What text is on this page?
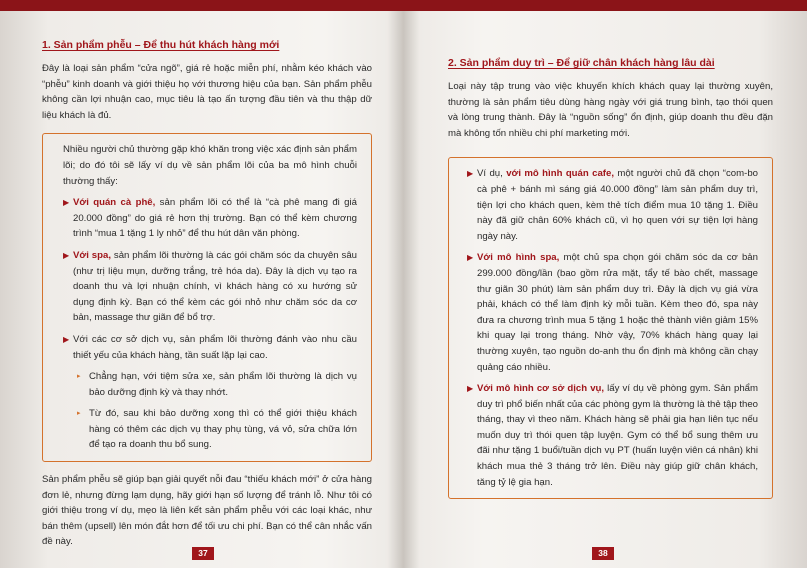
1. Sản phẩm phễu – Để thu hút khách hàng mới

Đây là loại sản phẩm “cửa ngõ”, giá rẻ hoặc miễn phí, nhằm kéo khách vào “phễu” kinh doanh và giới thiệu họ với thương hiệu của bạn. Sản phẩm phễu không cần lợi nhuận cao, mục tiêu là tạo ấn tượng đầu tiên và thu thập dữ liệu khách là đủ.

Nhiều người chủ thường gặp khó khăn trong việc xác định sản phẩm lõi; do đó tôi sẽ lấy ví dụ về sản phẩm lõi của ba mô hình chuỗi thường thấy:

▶ Với quán cà phê, sản phẩm lõi có thể là “cà phê mang đi giá 20.000 đồng” do giá rẻ hơn thị trường. Bạn có thể kèm chương trình “mua 1 tặng 1 ly nhỏ” để thu hút dân văn phòng.

▶ Với spa, sản phẩm lõi thường là các gói chăm sóc da chuyên sâu (như trị liệu mụn, dưỡng trắng, trẻ hóa da). Đây là dịch vụ tạo ra doanh thu và lợi nhuận chính, vì khách hàng có xu hướng sử dụng định kỳ. Bạn có thể kèm các gói nhỏ như chăm sóc da cơ bản, massage thư giãn để bổ trợ.

▶ Với các cơ sở dịch vụ, sản phẩm lõi thường đánh vào nhu cầu thiết yếu của khách hàng, tần suất lặp lại cao.

▸ Chẳng hạn, với tiệm sửa xe, sản phẩm lõi thường là dịch vụ bảo dưỡng định kỳ và thay nhớt.

▸ Từ đó, sau khi bảo dưỡng xong thì có thể giới thiệu khách hàng có thêm các dịch vụ thay phụ tùng, vá vỏ, sửa chữa lớn để tạo ra doanh thu bổ sung.

Sản phẩm phễu sẽ giúp bạn giải quyết nỗi đau “thiếu khách mới” ở cửa hàng đơn lẻ, nhưng đừng lạm dụng, hãy giới hạn số lượng để tránh lỗ. Như tôi có giới thiệu trong ví dụ, mẹo là liên kết sản phẩm phễu với các loại khác, như bán thêm (upsell) lên món đắt hơn để tối ưu chi phí. Bạn có thể cân nhắc vấn đề này.

37
2. Sản phẩm duy trì – Để giữ chân khách hàng lâu dài

Loại này tập trung vào việc khuyến khích khách quay lại thường xuyên, thường là sản phẩm tiêu dùng hàng ngày với giá trung bình, tạo thói quen và lòng trung thành. Đây là “nguồn sống” ổn định, giúp doanh thu đều đặn mà không tốn nhiều chi phí marketing mới.

▶ Ví dụ, với mô hình quán cafe, một người chủ đã chọn “com-bo cà phê + bánh mì sáng giá 40.000 đồng” làm sản phẩm duy trì, tiện lợi cho khách quen, kèm thẻ tích điểm mua 10 tặng 1. Điều này đã giữ chân 60% khách cũ, vì họ quen với sự tiện lợi hàng ngày này.

▶ Với mô hình spa, một chủ spa chọn gói chăm sóc da cơ bản 299.000 đồng/lần (bao gồm rửa mặt, tẩy tế bào chết, massage thư giãn 30 phút) làm sản phẩm duy trì. Đây là dịch vụ giá vừa phải, khách có thể làm định kỳ mỗi tuần. Kèm theo đó, spa này đưa ra chương trình mua 5 tặng 1 hoặc thẻ thành viên giảm 15% khi quay lại trong tháng. Nhờ vậy, 70% khách hàng quay lại thường xuyên, tạo nguồn do-anh thu ổn định mà không cần chạy quảng cáo nhiều.

▶ Với mô hình cơ sở dịch vụ, lấy ví dụ về phòng gym. Sản phẩm duy trì phổ biến nhất của các phòng gym là thường là thẻ tập theo tháng, thay vì theo năm. Khách hàng sẽ phải gia hạn liên tục nếu muốn duy trì thói quen tập luyện. Gym có thể bổ sung thêm ưu đãi như tặng 1 buổi/tuần dịch vụ PT (huấn luyện viên cá nhân) khi khách mua thẻ 3 tháng trở lên. Điều này giúp giữ chân khách, tăng tỷ lệ gia hạn.

38
